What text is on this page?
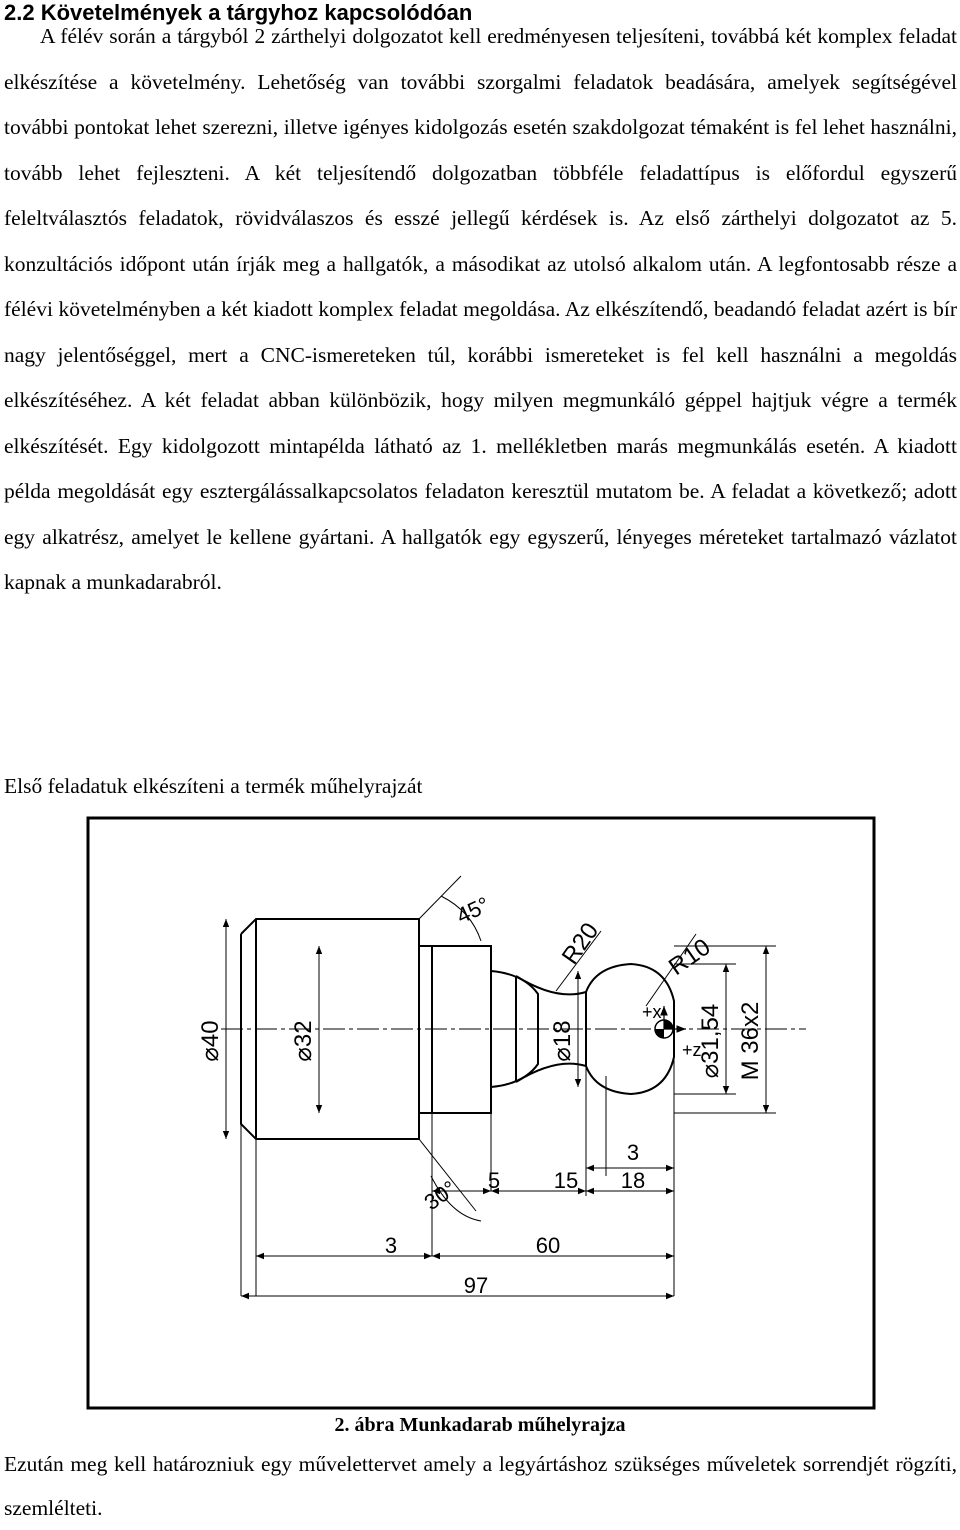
2.2 Követelmények a tárgyhoz kapcsolódóan
A félév során a tárgyból 2 zárthelyi dolgozatot kell eredményesen teljesíteni, továbbá két komplex feladat elkészítése a követelmény. Lehetőség van további szorgalmi feladatok beadására, amelyek segítségével további pontokat lehet szerezni, illetve igényes kidolgozás esetén szakdolgozat témaként is fel lehet használni, tovább lehet fejleszteni. A két teljesítendő dolgozatban többféle feladattípus is előfordul egyszerű feleltválasztós feladatok, rövidválaszos és esszé jellegű kérdések is. Az első zárthelyi dolgozatot az 5. konzultációs időpont után írják meg a hallgatók, a másodikat az utolsó alkalom után. A legfontosabb része a félévi követelményben a két kiadott komplex feladat megoldása. Az elkészítendő, beadandó feladat azért is bír nagy jelentőséggel, mert a CNC-ismereteken túl, korábbi ismereteket is fel kell használni a megoldás elkészítéséhez. A két feladat abban különbözik, hogy milyen megmunkáló géppel hajtjuk végre a termék elkészítését. Egy kidolgozott mintapélda látható az 1. mellékletben marás megmunkálás esetén. A kiadott példa megoldását egy esztergálássalkapcsolatos feladaton keresztül mutatom be. A feladat a következő; adott egy alkatrész, amelyet le kellene gyártani. A hallgatók egy egyszerű, lényeges méreteket tartalmazó vázlatot kapnak a munkadarabról.
Első feladatuk elkészíteni a termék műhelyrajzát
⌀40	⌀32	⌀18	⌀31,54 M 36x2
R20 R10
+x
+z
45°
30° 5 15 18
3
3	60
97
2. ábra Munkadarab műhelyrajza
Ezután meg kell határozniuk egy művelettervet amely a legyártáshoz szükséges műveletek sorrendjét rögzíti, szemlélteti.
